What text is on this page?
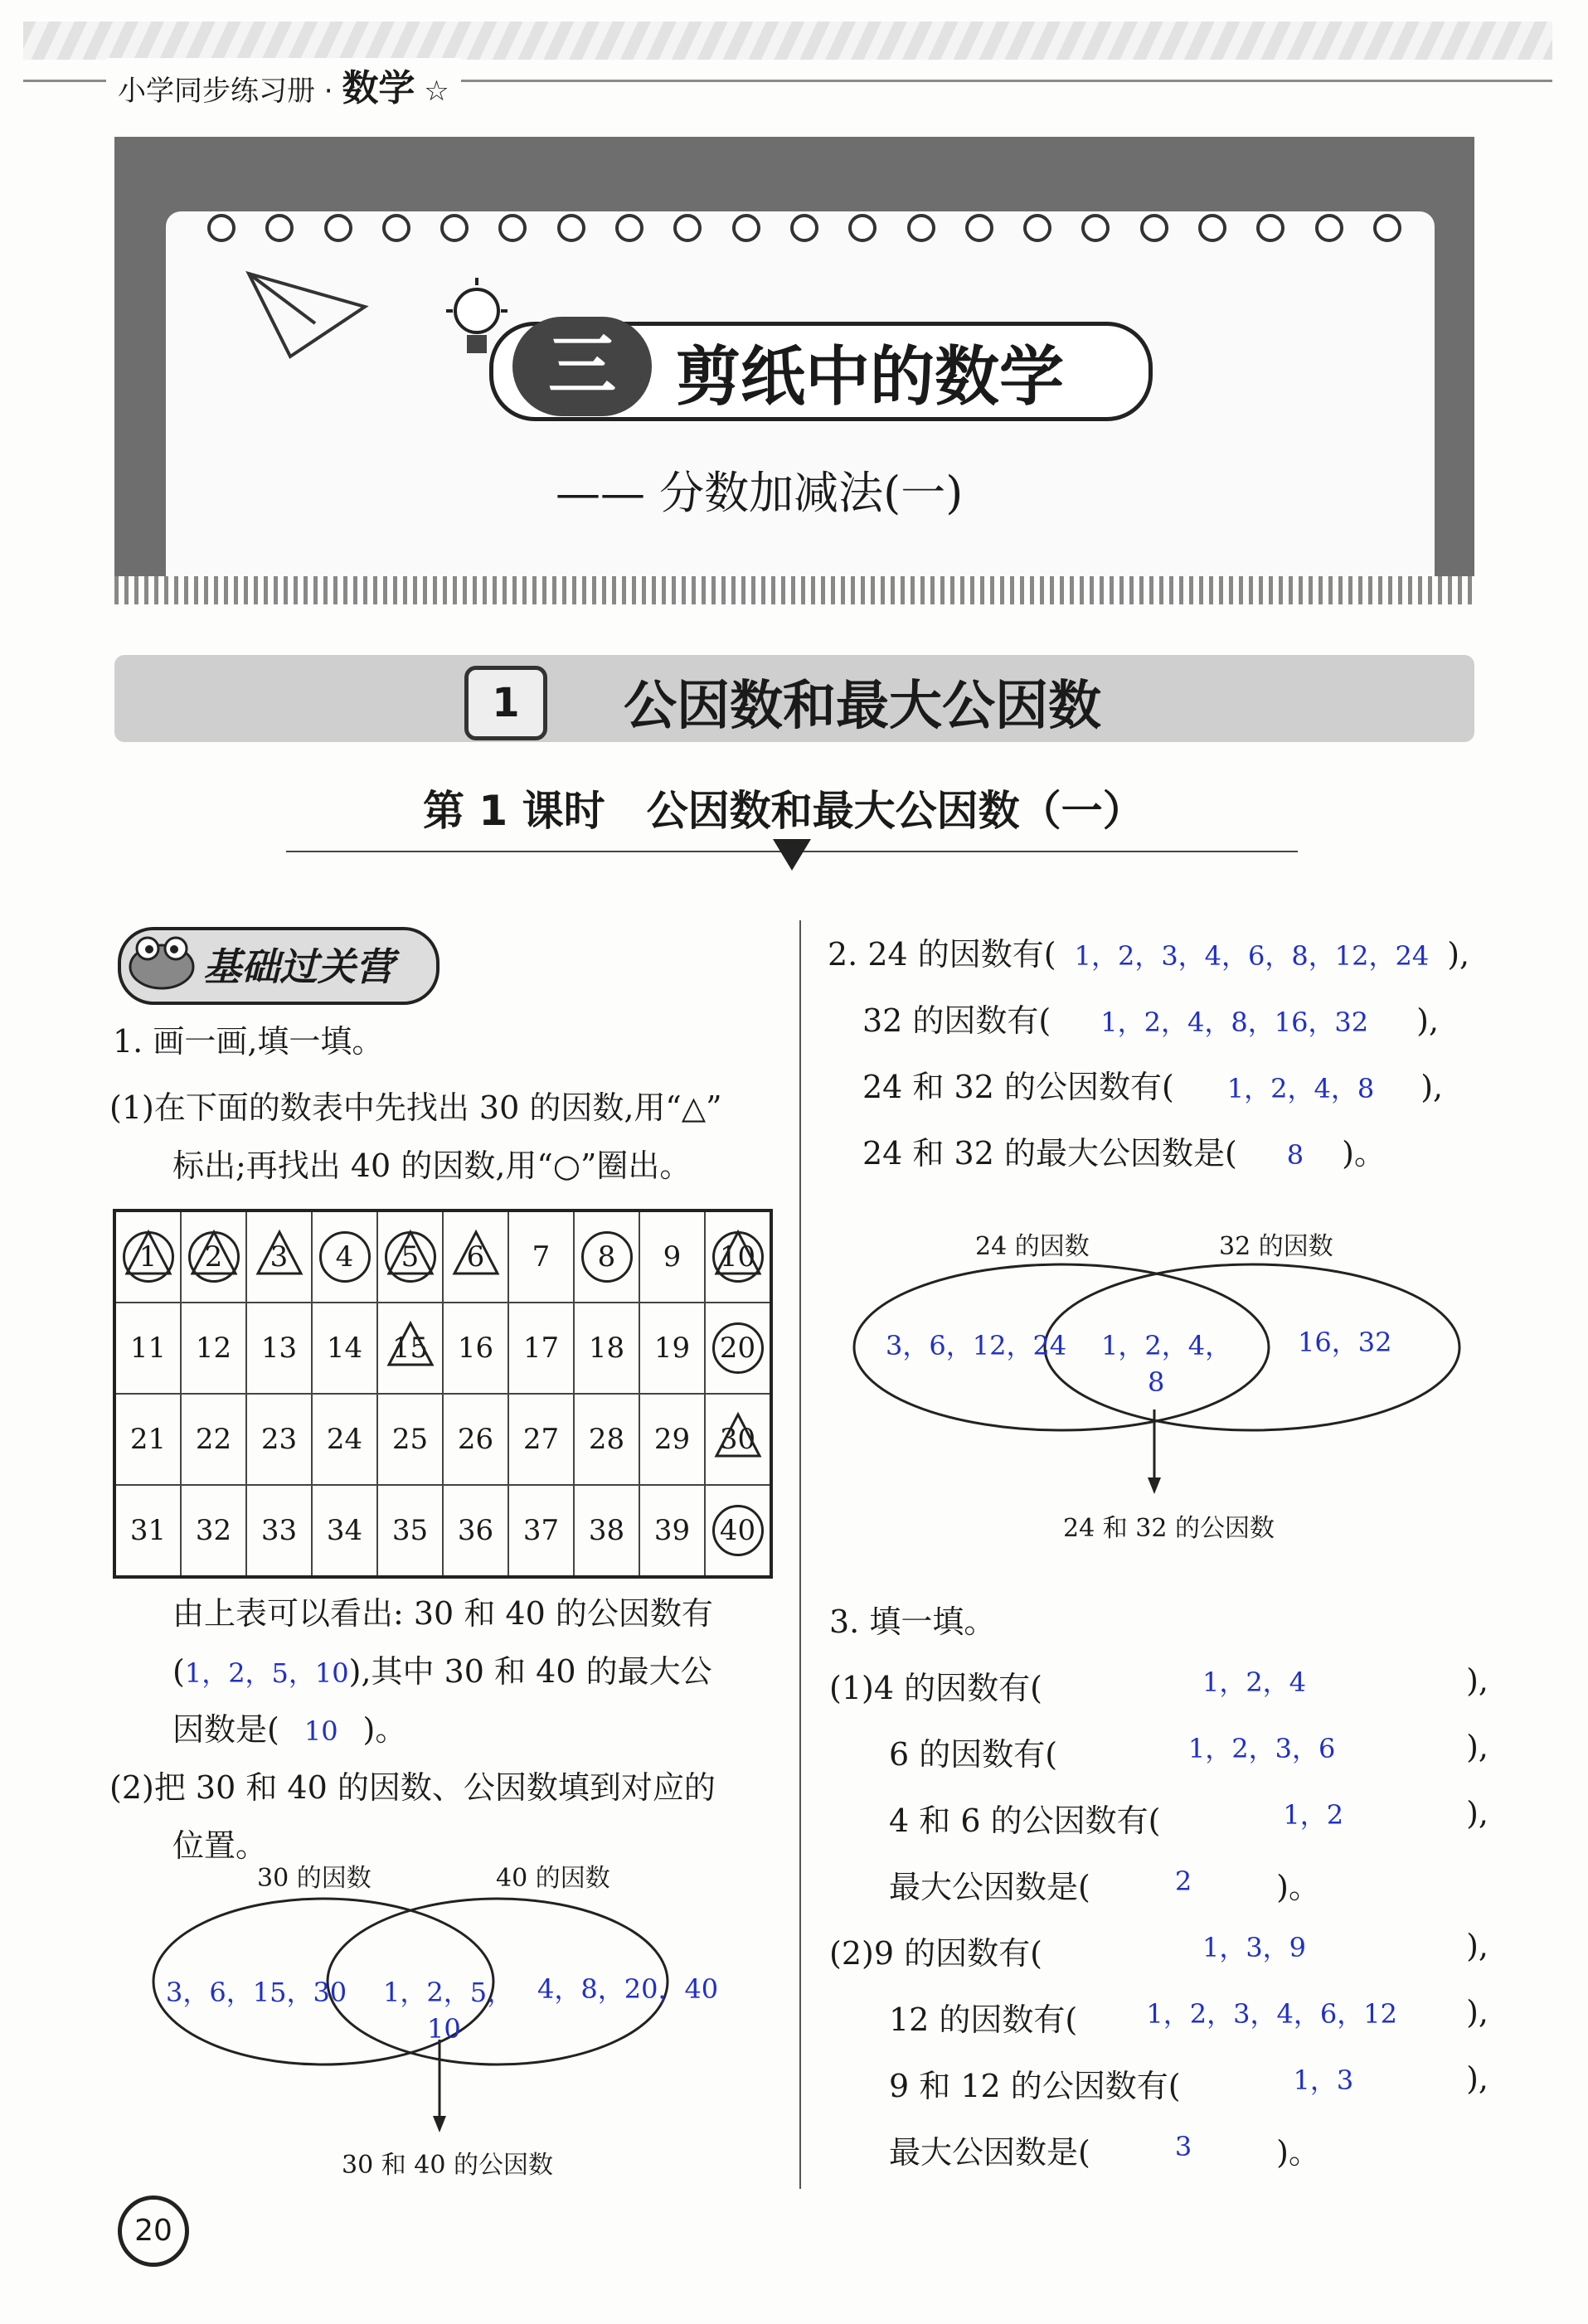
小学同步练习册 · 数学 ☆
三 剪纸中的数学
—— 分数加减法(一)
1	公因数和最大公因数
第 1 课时　公因数和最大公因数（一）
基础过关营
1. 画一画,填一填。
(1)在下面的数表中先找出 30 的因数,用“△”
标出;再找出 40 的因数,用“○”圈出。
1	2	3	4	5	6	7	8	9	10

11	12	13	14	15	16	17	18	19	20
21	22	23	24	25	26	27	28	29	30

31	32	33	34	35	36	37	38	39	40
由上表可以看出: 30 和 40 的公因数有
(1，2，5，10),其中 30 和 40 的最大公
因数是( 10 )。
(2)把 30 和 40 的因数、公因数填到对应的
位置。
30 的因数	40 的因数
3，6，15，30 1，2，5，
10
4，8，20，40
30 和 40 的公因数
2. 24 的因数有( 1，2，3，4，6，8，12，24 ),
32 的因数有( 1，2，4，8，16，32 ),
24 和 32 的公因数有( 1，2，4，8 ),
24 和 32 的最大公因数是( 8 )。
24 的因数	32 的因数
3，6，12，24 1，2，4，
8
16，32
24 和 32 的公因数
3. 填一填。
(1)4 的因数有(	1，2，4	),
6 的因数有(	1，2，3，6	),
4 和 6 的公因数有(	1，2	),
最大公因数是(	2	)。
(2)9 的因数有(	1，3，9	),
12 的因数有(	1，2，3，4，6，12	),
9 和 12 的公因数有(	1，3	),
最大公因数是(	3	)。
20
